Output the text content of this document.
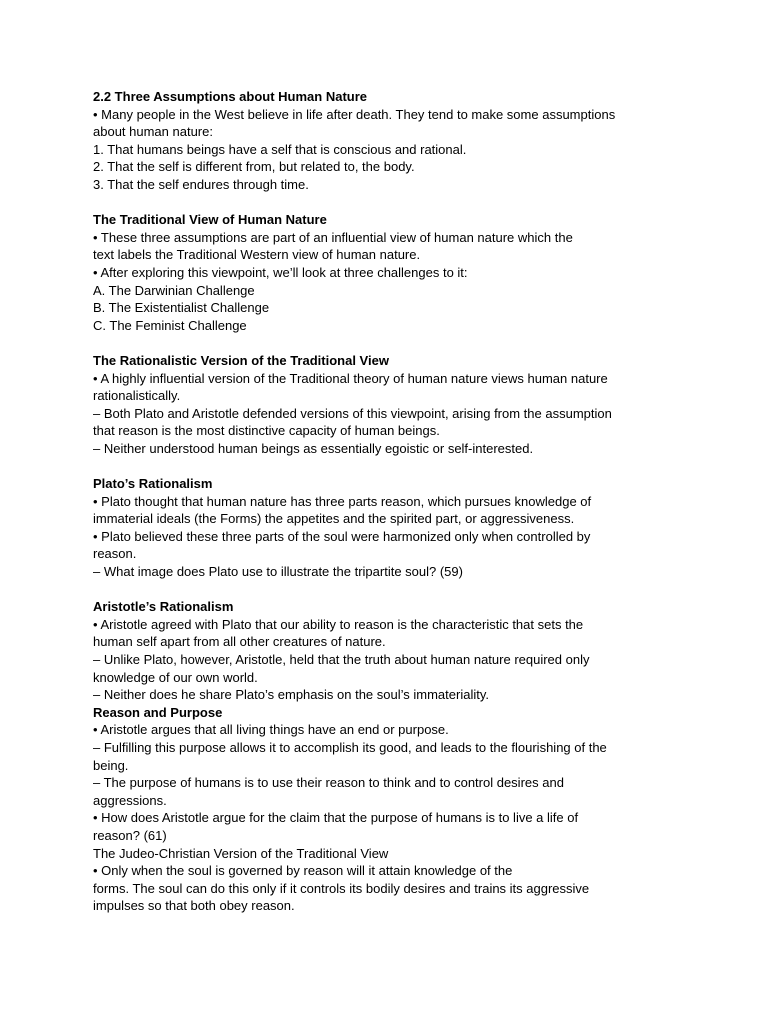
2.2 Three Assumptions about Human Nature
• Many people in the West believe in life after death. They tend to make some assumptions
about human nature:
1. That humans beings have a self that is conscious and rational.
2. That the self is different from, but related to, the body.
3. That the self endures through time.
The Traditional View of Human Nature
• These three assumptions are part of an influential view of human nature which the
text labels the Traditional Western view of human nature.
• After exploring this viewpoint, we’ll look at three challenges to it:
A. The Darwinian Challenge
B. The Existentialist Challenge
C. The Feminist Challenge
The Rationalistic Version of the Traditional View
• A highly influential version of the Traditional theory of human nature views human nature
rationalistically.
– Both Plato and Aristotle defended versions of this viewpoint, arising from the assumption
that reason is the most distinctive capacity of human beings.
– Neither understood human beings as essentially egoistic or self-interested.
Plato’s Rationalism
• Plato thought that human nature has three parts reason, which pursues knowledge of
immaterial ideals (the Forms) the appetites and the spirited part, or aggressiveness.
• Plato believed these three parts of the soul were harmonized only when controlled by
reason.
– What image does Plato use to illustrate the tripartite soul? (59)
Aristotle’s Rationalism
• Aristotle agreed with Plato that our ability to reason is the characteristic that sets the
human self apart from all other creatures of nature.
– Unlike Plato, however, Aristotle, held that the truth about human nature required only
knowledge of our own world.
– Neither does he share Plato’s emphasis on the soul’s immateriality.
Reason and Purpose
• Aristotle argues that all living things have an end or purpose.
– Fulfilling this purpose allows it to accomplish its good, and leads to the flourishing of the
being.
– The purpose of humans is to use their reason to think and to control desires and
aggressions.
• How does Aristotle argue for the claim that the purpose of humans is to live a life of
reason? (61)
The Judeo-Christian Version of the Traditional View
• Only when the soul is governed by reason will it attain knowledge of the
forms. The soul can do this only if it controls its bodily desires and trains its aggressive
impulses so that both obey reason.
